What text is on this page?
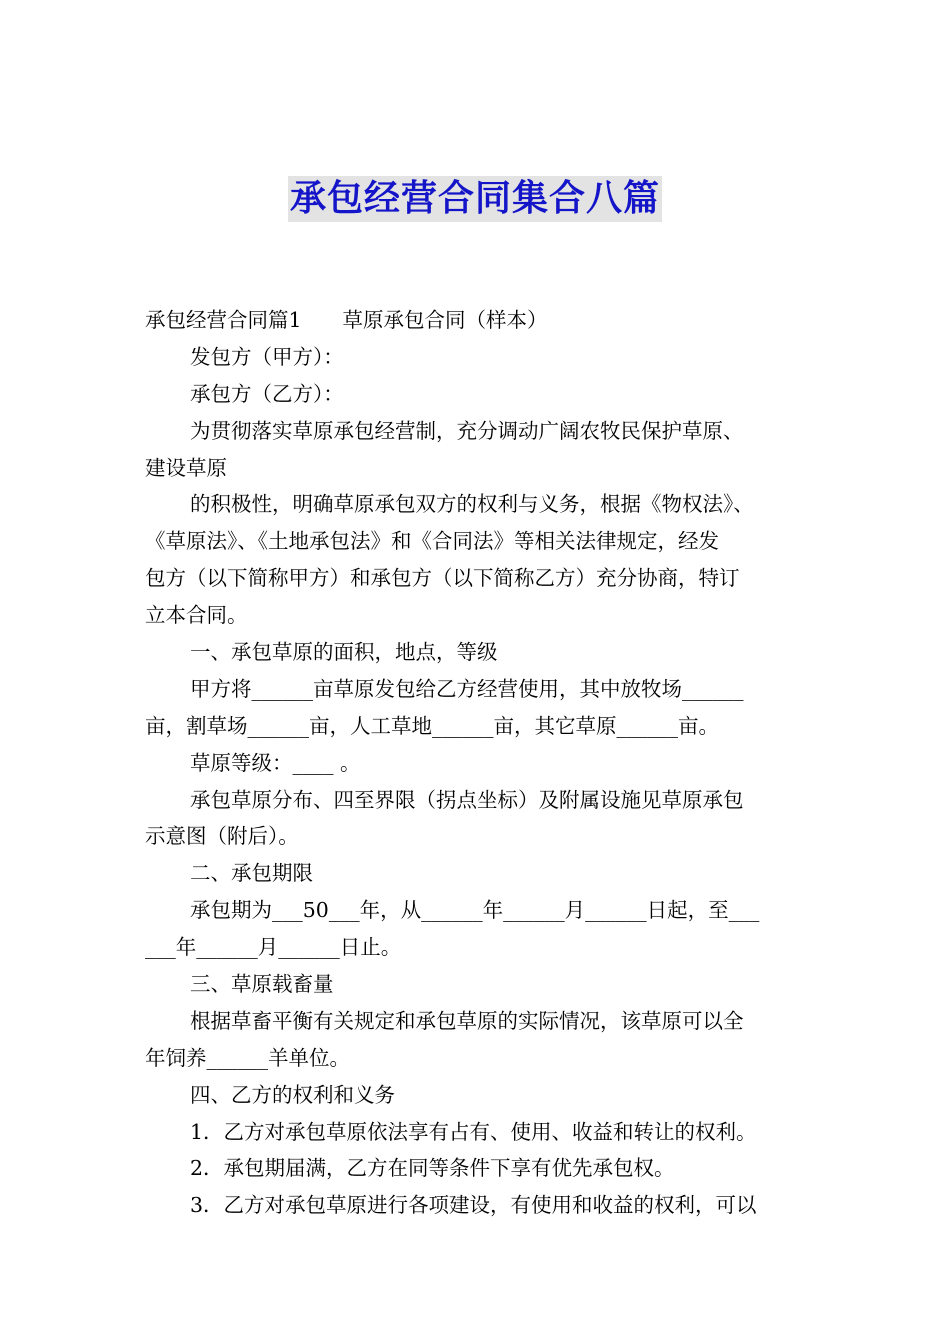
承包经营合同集合八篇
承包经营合同篇1　　草原承包合同（样本）
发包方（甲方）：
承包方（乙方）：
为贯彻落实草原承包经营制，充分调动广阔农牧民保护草原、
建设草原
的积极性，明确草原承包双方的权利与义务，根据《物权法》、
《草原法》、《土地承包法》和《合同法》等相关法律规定，经发
包方（以下简称甲方）和承包方（以下简称乙方）充分协商，特订
立本合同。
一、承包草原的面积，地点，等级
甲方将______亩草原发包给乙方经营使用，其中放牧场______
亩，割草场______亩，人工草地______亩，其它草原______亩。
草原等级：____ 。
承包草原分布、四至界限（拐点坐标）及附属设施见草原承包
示意图（附后）。
二、承包期限
承包期为___50___年，从______年______月______日起，至___
___年______月______日止。
三、草原载畜量
根据草畜平衡有关规定和承包草原的实际情况，该草原可以全
年饲养______羊单位。
四、乙方的权利和义务
1．乙方对承包草原依法享有占有、使用、收益和转让的权利。
2．承包期届满，乙方在同等条件下享有优先承包权。
3．乙方对承包草原进行各项建设，有使用和收益的权利，可以
